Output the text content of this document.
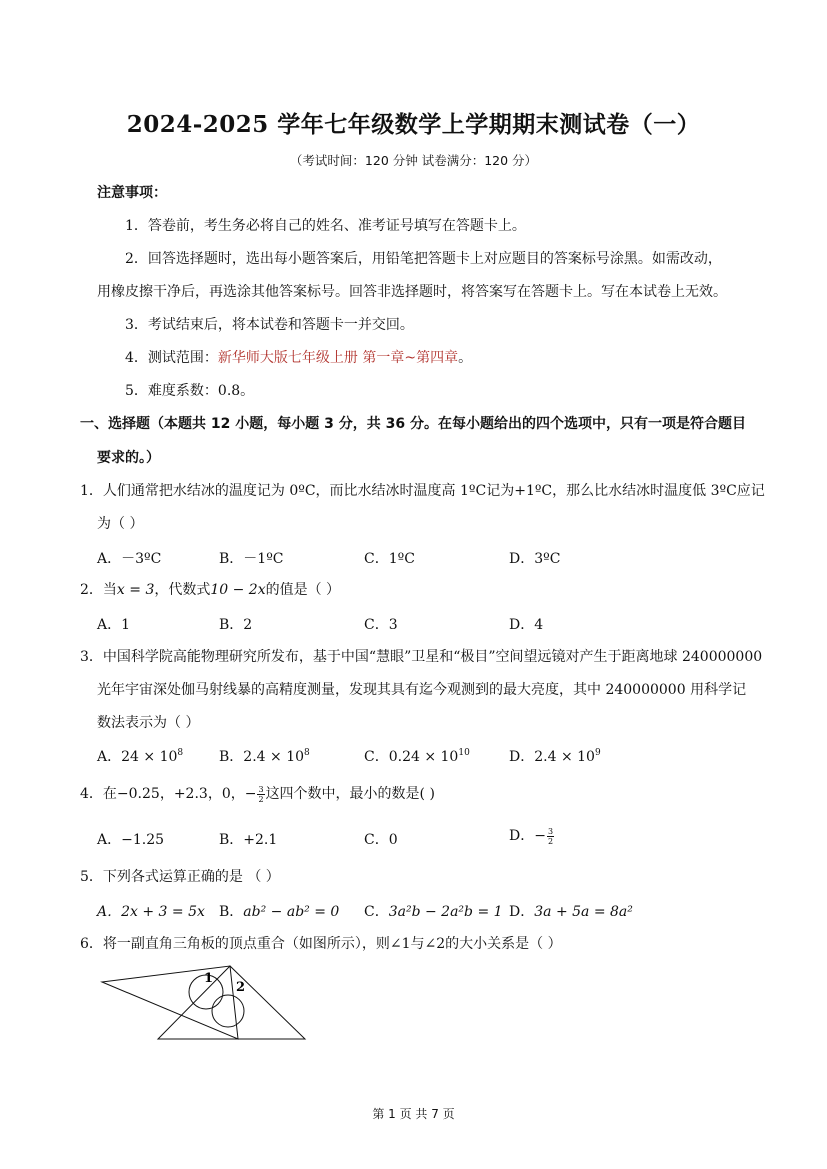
2024-2025 学年七年级数学上学期期末测试卷（一）
（考试时间：120 分钟 试卷满分：120 分）
注意事项：
1．答卷前，考生务必将自己的姓名、准考证号填写在答题卡上。
2．回答选择题时，选出每小题答案后，用铅笔把答题卡上对应题目的答案标号涂黑。如需改动，
用橡皮擦干净后，再选涂其他答案标号。回答非选择题时，将答案写在答题卡上。写在本试卷上无效。
3．考试结束后，将本试卷和答题卡一并交回。
4．测试范围：新华师大版七年级上册 第一章~第四章。
5．难度系数：0.8。
一、选择题（本题共 12 小题，每小题 3 分，共 36 分。在每小题给出的四个选项中，只有一项是符合题目
要求的。）
1．人们通常把水结冰的温度记为 0ºC，而比水结冰时温度高 1ºC记为+1ºC，那么比水结冰时温度低 3ºC应记
为（ ）
A．－3ºC	B．－1ºC	C．1ºC	D．3ºC
2．当x = 3，代数式10 − 2x的值是（ ）
A．1	B．2	C．3	D．4
3．中国科学院高能物理研究所发布，基于中国“慧眼”卫星和“极目”空间望远镜对产生于距离地球 240000000
光年宇宙深处伽马射线暴的高精度测量，发现其具有迄今观测到的最大亮度，其中 240000000 用科学记
数法表示为（ ）
A．$24 \times 10^8$	B．$2.4 \times 10^8$	C．$0.24 \times 10^{10}$	D．$2.4 \times 10^9$
4．在−0.25，+2.3，0，− $\frac{3}{2}$ 这四个数中，最小的数是( )
A．−1.25	B．+2.1	C．0	D．− $\frac{3}{2}$
5．下列各式运算正确的是 （ ）
A．2x + 3 = 5x B．ab² − ab² = 0 C．3a²b − 2a²b = 1 D．3a + 5a = 8a²
6．将一副直角三角板的顶点重合（如图所示），则∠1与∠2的大小关系是（ ）
1
2
第 1 页 共 7 页
